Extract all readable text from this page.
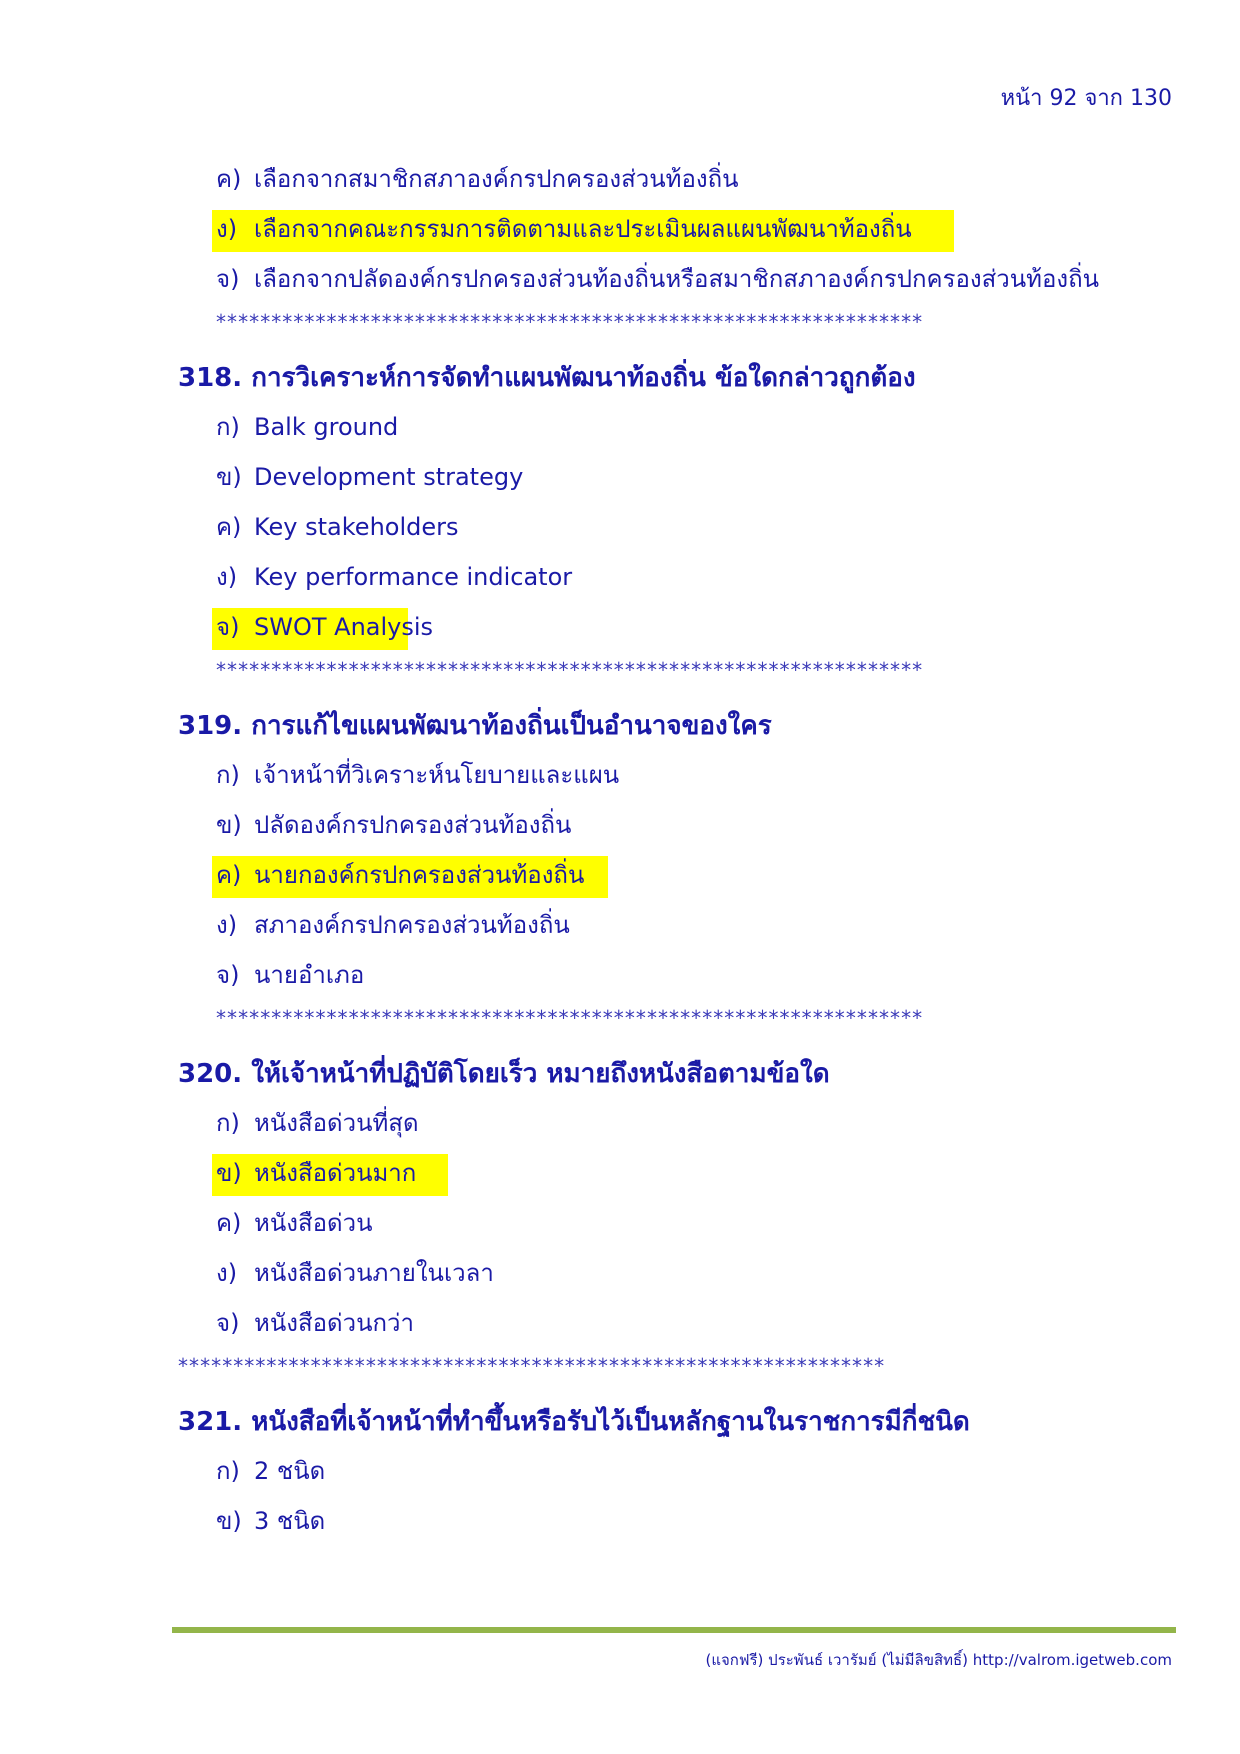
หน้า 92 จาก 130
ค) เลือกจากสมาชิกสภาองค์กรปกครองส่วนท้องถิ่น
ง) เลือกจากคณะกรรมการติดตามและประเมินผลแผนพัฒนาท้องถิ่น
จ) เลือกจากปลัดองค์กรปกครองส่วนท้องถิ่นหรือสมาชิกสภาองค์กรปกครองส่วนท้องถิ่น
****************************************************************
318. การวิเคราะห์การจัดทำแผนพัฒนาท้องถิ่น ข้อใดกล่าวถูกต้อง
ก) Balk ground
ข) Development strategy
ค) Key stakeholders
ง) Key performance indicator
จ) SWOT Analysis
****************************************************************
319. การแก้ไขแผนพัฒนาท้องถิ่นเป็นอำนาจของใคร
ก) เจ้าหน้าที่วิเคราะห์นโยบายและแผน
ข) ปลัดองค์กรปกครองส่วนท้องถิ่น
ค) นายกองค์กรปกครองส่วนท้องถิ่น
ง) สภาองค์กรปกครองส่วนท้องถิ่น
จ) นายอำเภอ
****************************************************************
320. ให้เจ้าหน้าที่ปฏิบัติโดยเร็ว หมายถึงหนังสือตามข้อใด
ก) หนังสือด่วนที่สุด
ข) หนังสือด่วนมาก
ค) หนังสือด่วน
ง) หนังสือด่วนภายในเวลา
จ) หนังสือด่วนกว่า
****************************************************************
321. หนังสือที่เจ้าหน้าที่ทำขึ้นหรือรับไว้เป็นหลักฐานในราชการมีกี่ชนิด
ก) 2 ชนิด
ข) 3 ชนิด
(แจกฟรี) ประพันธ์ เวารัมย์ (ไม่มีลิขสิทธิ์) http://valrom.igetweb.com
